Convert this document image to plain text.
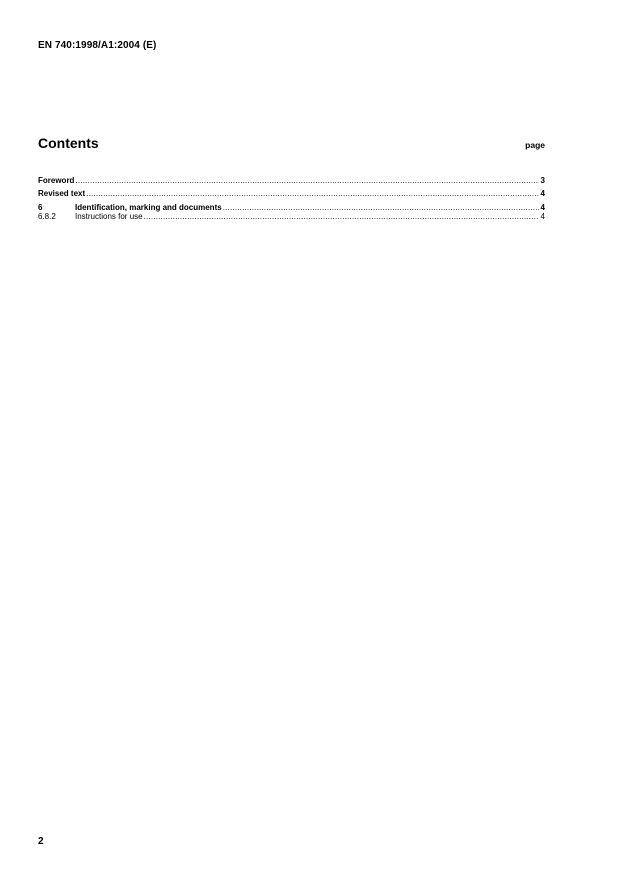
EN 740:1998/A1:2004 (E)
Contents	page
Foreword .....	3
Revised text .....	4
6	Identification, marking and documents .....	4
6.8.2	Instructions for use .....	4
2
